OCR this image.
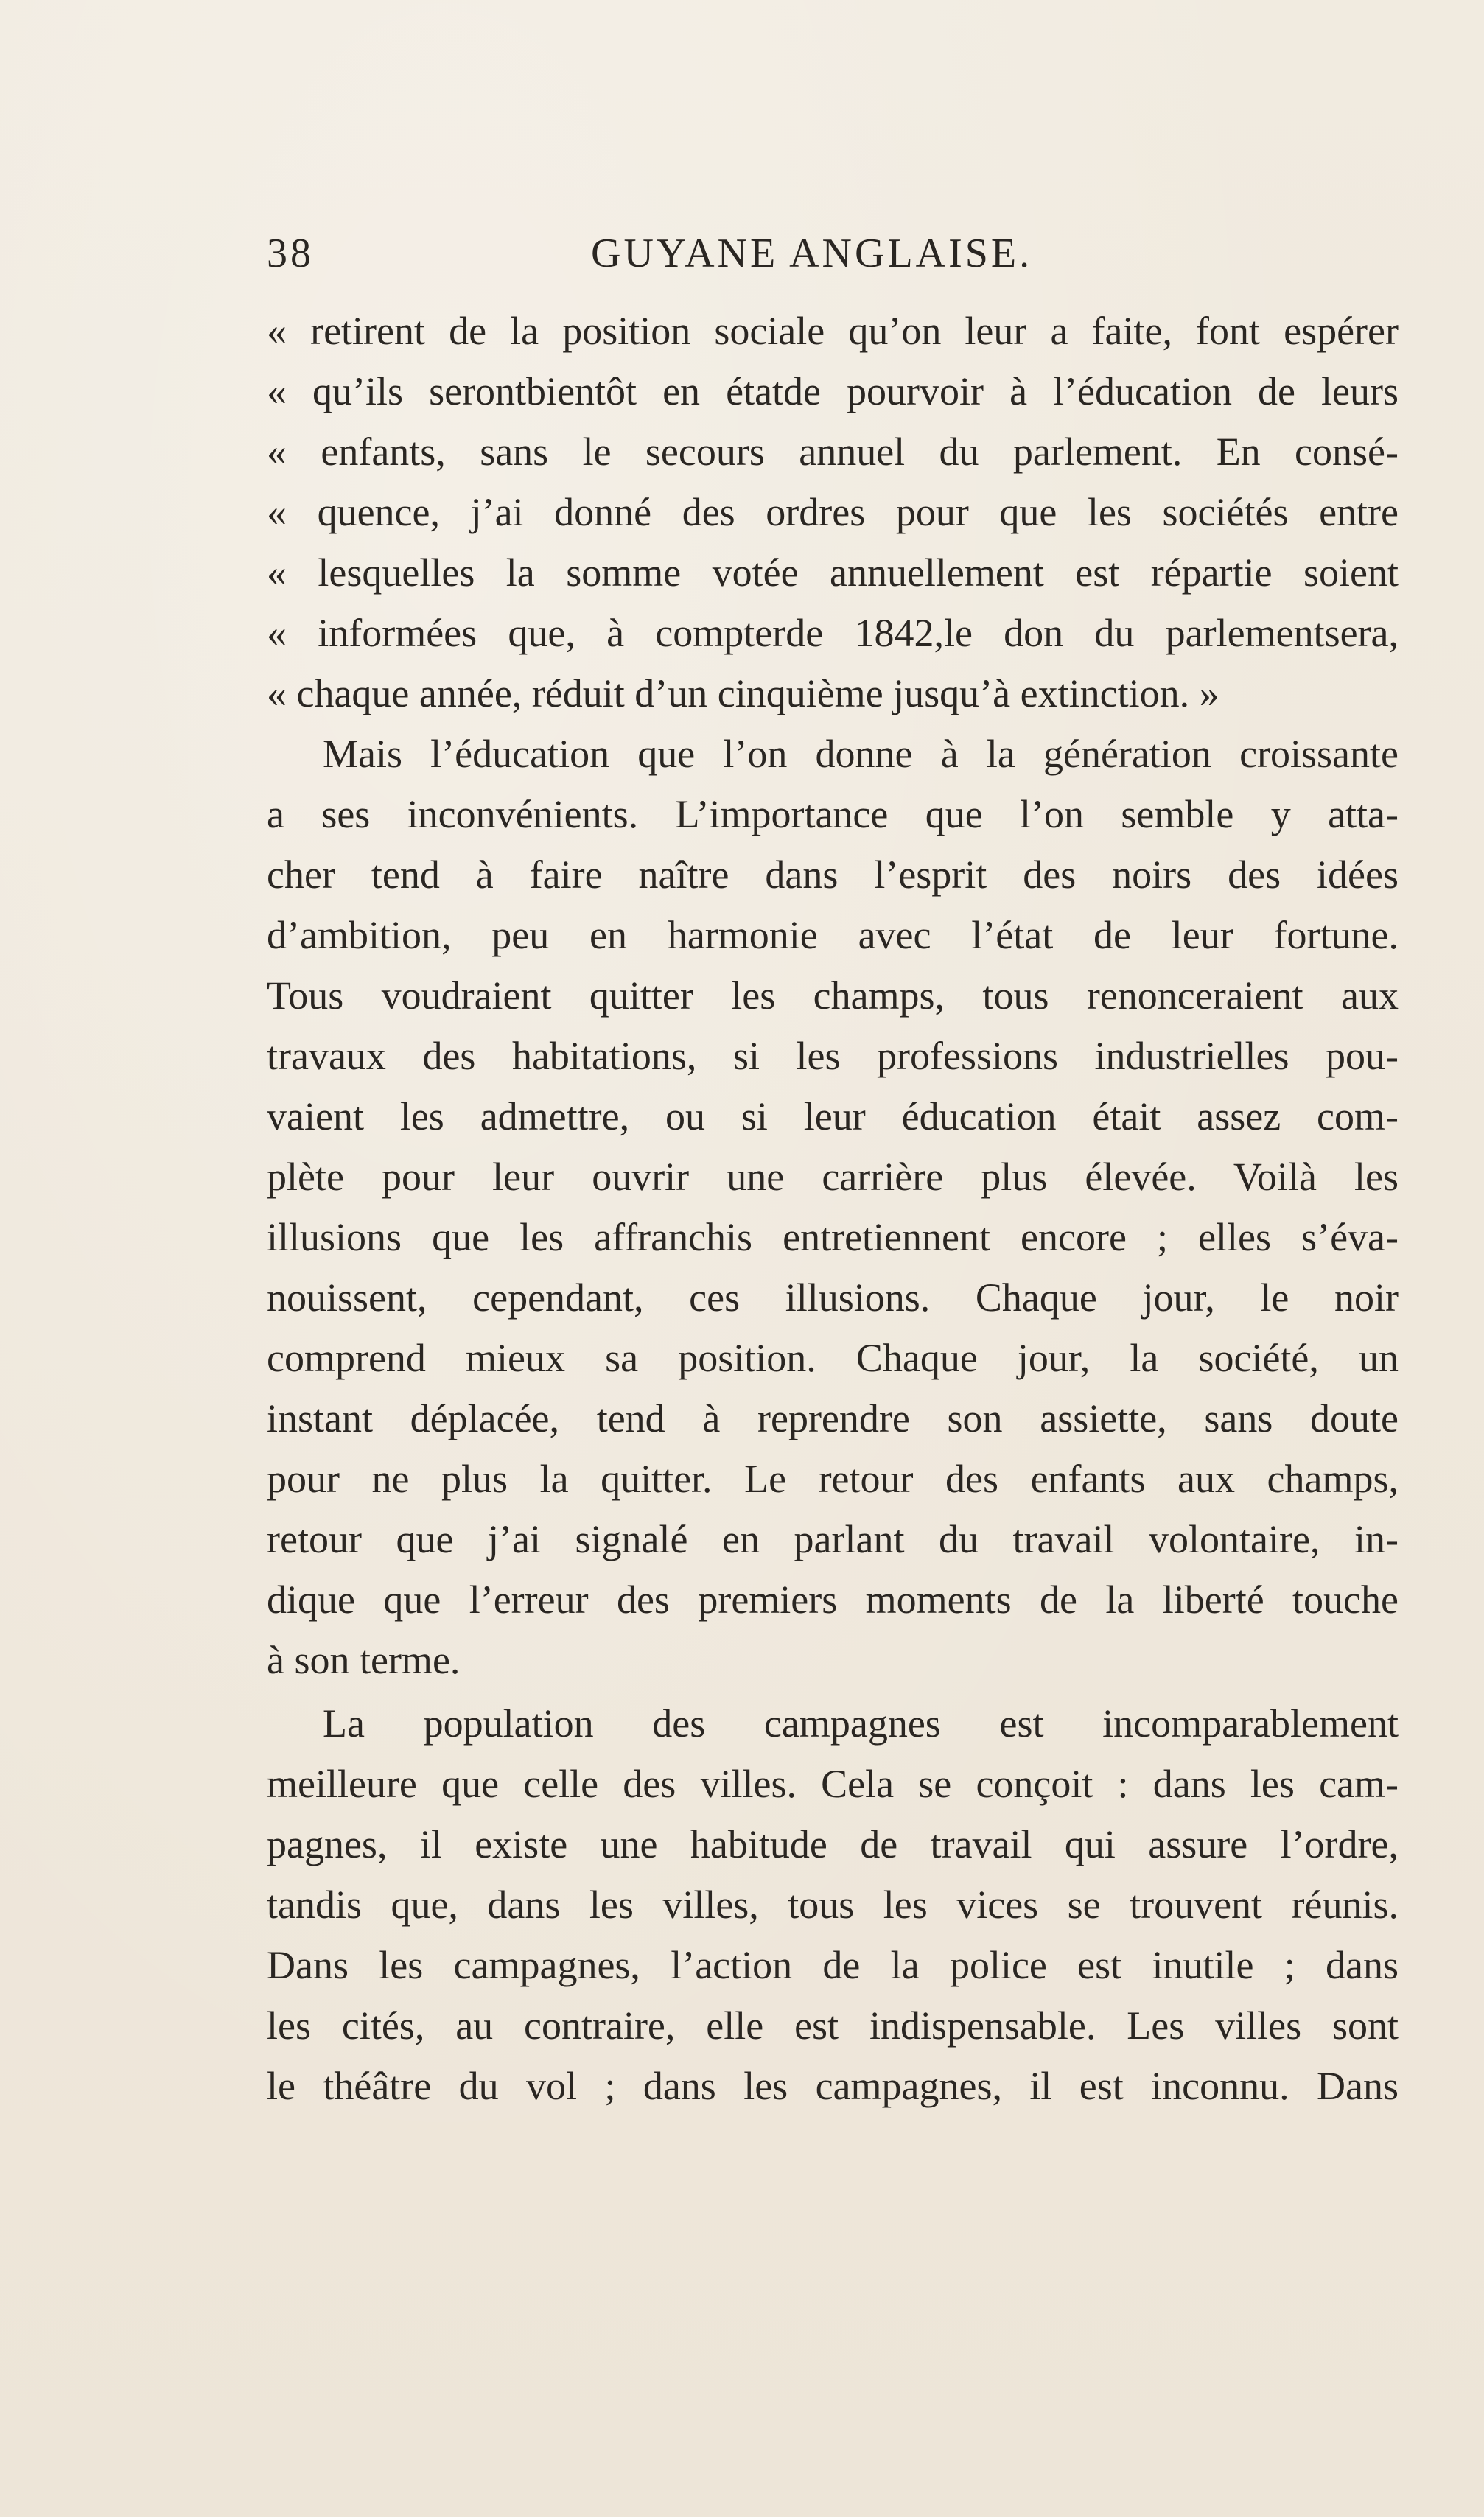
38	GUYANE ANGLAISE.
« retirent de la position sociale qu’on leur a faite, font espérer
« qu’ils serontbientôt en étatde pourvoir à l’éducation de leurs
« enfants, sans le secours annuel du parlement. En consé-
« quence, j’ai donné des ordres pour que les sociétés entre
« lesquelles la somme votée annuellement est répartie soient
« informées que, à compterde 1842,le don du parlementsera,
« chaque année, réduit d’un cinquième jusqu’à extinction. »
Mais l’éducation que l’on donne à la génération croissante
a ses inconvénients. L’importance que l’on semble y atta-
cher tend à faire naître dans l’esprit des noirs des idées
d’ambition, peu en harmonie avec l’état de leur fortune.
Tous voudraient quitter les champs, tous renonceraient aux
travaux des habitations, si les professions industrielles pou-
vaient les admettre, ou si leur éducation était assez com-
plète pour leur ouvrir une carrière plus élevée. Voilà les
illusions que les affranchis entretiennent encore ; elles s’éva-
nouissent, cependant, ces illusions. Chaque jour, le noir
comprend mieux sa position. Chaque jour, la société, un
instant déplacée, tend à reprendre son assiette, sans doute
pour ne plus la quitter. Le retour des enfants aux champs,
retour que j’ai signalé en parlant du travail volontaire, in-
dique que l’erreur des premiers moments de la liberté touche
à son terme.
La population des campagnes est incomparablement
meilleure que celle des villes. Cela se conçoit : dans les cam-
pagnes, il existe une habitude de travail qui assure l’ordre,
tandis que, dans les villes, tous les vices se trouvent réunis.
Dans les campagnes, l’action de la police est inutile ; dans
les cités, au contraire, elle est indispensable. Les villes sont
le théâtre du vol ; dans les campagnes, il est inconnu. Dans
